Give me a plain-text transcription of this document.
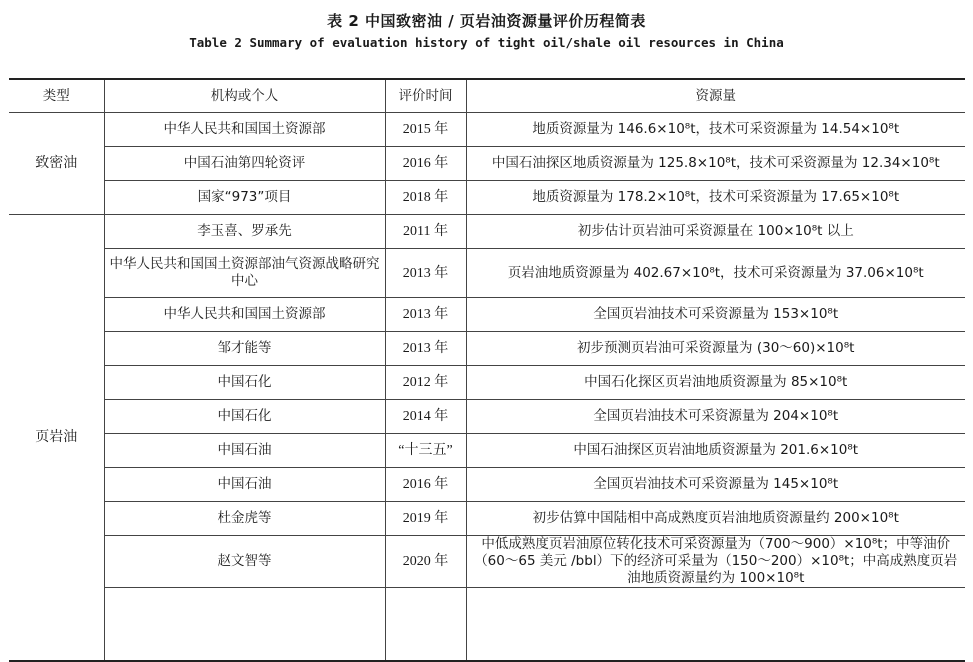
表 2 中国致密油 / 页岩油资源量评价历程简表
Table 2 Summary of evaluation history of tight oil/shale oil resources in China
类型	机构或个人	评价时间	资源量
致密油	中华人民共和国国土资源部	2015 年	地质资源量为 146.6×10⁸t，技术可采资源量为 14.54×10⁸t
	中国石油第四轮资评	2016 年	中国石油探区地质资源量为 125.8×10⁸t，技术可采资源量为 12.34×10⁸t
	国家“973”项目	2018 年	地质资源量为 178.2×10⁸t，技术可采资源量为 17.65×10⁸t
页岩油	李玉喜、罗承先	2011 年	初步估计页岩油可采资源量在 100×10⁸t 以上
	中华人民共和国国土资源部油气资源战略研究中心	2013 年	页岩油地质资源量为 402.67×10⁸t，技术可采资源量为 37.06×10⁸t
	中华人民共和国国土资源部	2013 年	全国页岩油技术可采资源量为 153×10⁸t
	邹才能等	2013 年	初步预测页岩油可采资源量为 (30～60)×10⁸t
	中国石化	2012 年	中国石化探区页岩油地质资源量为 85×10⁸t
	中国石化	2014 年	全国页岩油技术可采资源量为 204×10⁸t
	中国石油	“十三五”	中国石油探区页岩油地质资源量为 201.6×10⁸t
	中国石油	2016 年	全国页岩油技术可采资源量为 145×10⁸t
	杜金虎等	2019 年	初步估算中国陆相中高成熟度页岩油地质资源量约 200×10⁸t
	赵文智等	2020 年	中低成熟度页岩油原位转化技术可采资源量为（700～900）×10⁸t；中等油价（60～65 美元 /bbl）下的经济可采量为（150～200）×10⁸t；中高成熟度页岩油地质资源量约为 100×10⁸t
